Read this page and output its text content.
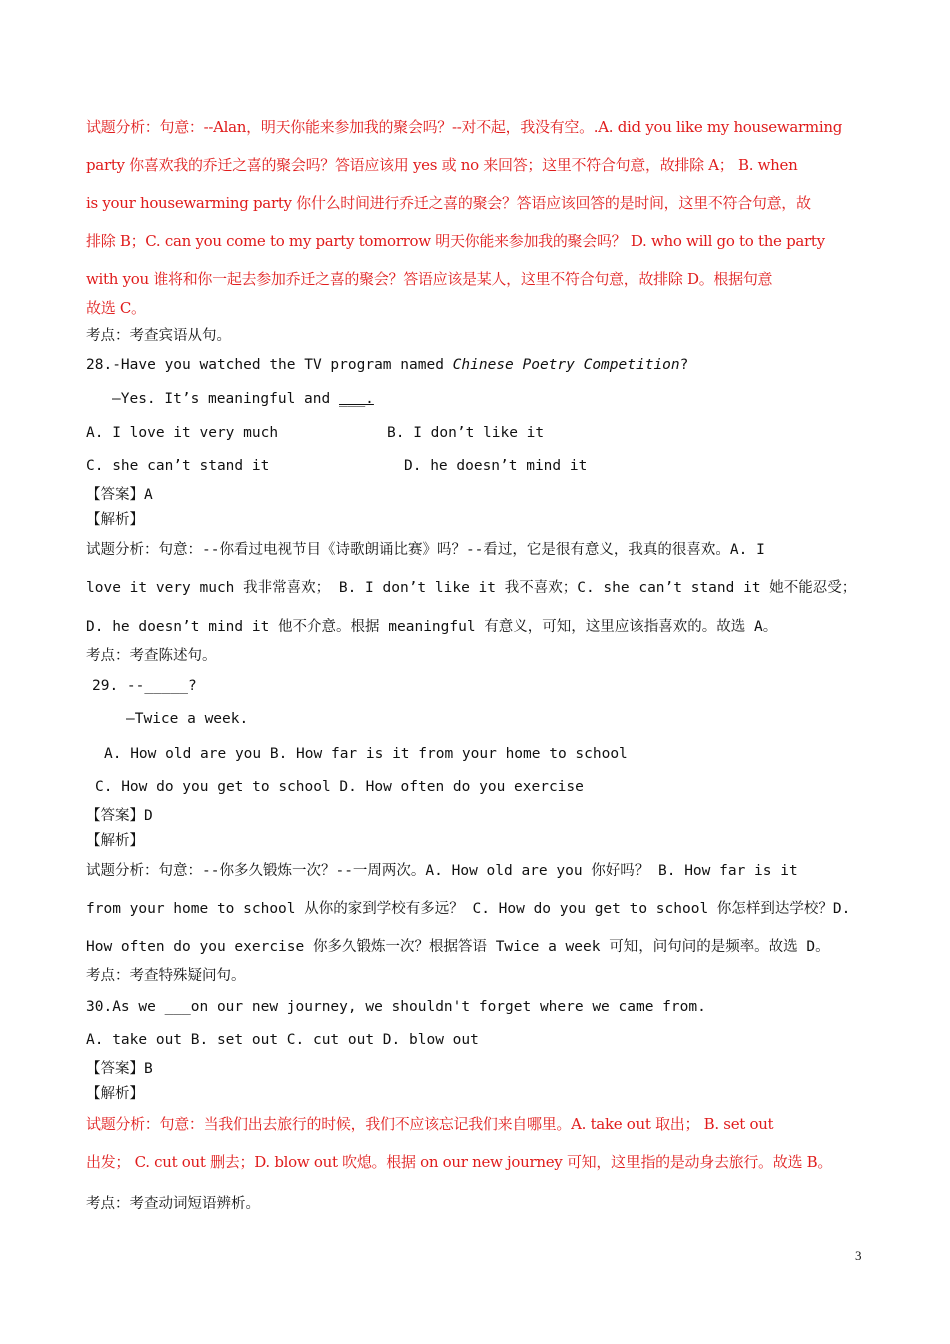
试题分析：句意：--Alan，明天你能来参加我的聚会吗？--对不起，我没有空。.A. did you like my housewarming
party 你喜欢我的乔迁之喜的聚会吗？答语应该用 yes 或 no 来回答；这里不符合句意，故排除 A； B. when
is your housewarming party 你什么时间进行乔迁之喜的聚会？答语应该回答的是时间，这里不符合句意，故
排除 B；C. can you come to my party tomorrow 明天你能来参加我的聚会吗？ D. who will go to the party
with you 谁将和你一起去参加乔迁之喜的聚会？答语应该是某人，这里不符合句意，故排除 D。根据句意
故选 C。
考点：考查宾语从句。
28.-Have you watched the TV program named Chinese Poetry Competition?
—Yes. It’s meaningful and ___.
A. I love it very much	B. I don’t like it
C. she can’t stand it	D. he doesn’t mind it
【答案】A
【解析】
试题分析：句意：--你看过电视节目《诗歌朗诵比赛》吗？--看过，它是很有意义，我真的很喜欢。A. I
love it very much 我非常喜欢； B. I don’t like it 我不喜欢；C. she can’t stand it 她不能忍受；
D. he doesn’t mind it 他不介意。根据 meaningful 有意义，可知，这里应该指喜欢的。故选 A。
考点：考查陈述句。
29. --_____?
—Twice a week.
A. How old are you B. How far is it from your home to school
C. How do you get to school D. How often do you exercise
【答案】D
【解析】
试题分析：句意：--你多久锻炼一次？--一周两次。A. How old are you 你好吗？ B. How far is it
from your home to school 从你的家到学校有多远？ C. How do you get to school 你怎样到达学校？D.
How often do you exercise 你多久锻炼一次？根据答语 Twice a week 可知，问句问的是频率。故选 D。
考点：考查特殊疑问句。
30.As we ___on our new journey, we shouldn't forget where we came from.
A. take out B. set out C. cut out D. blow out
【答案】B
【解析】
试题分析：句意：当我们出去旅行的时候，我们不应该忘记我们来自哪里。A. take out 取出； B. set out
出发； C. cut out 删去；D. blow out 吹熄。根据 on our new journey 可知，这里指的是动身去旅行。故选 B。
考点：考查动词短语辨析。
3
